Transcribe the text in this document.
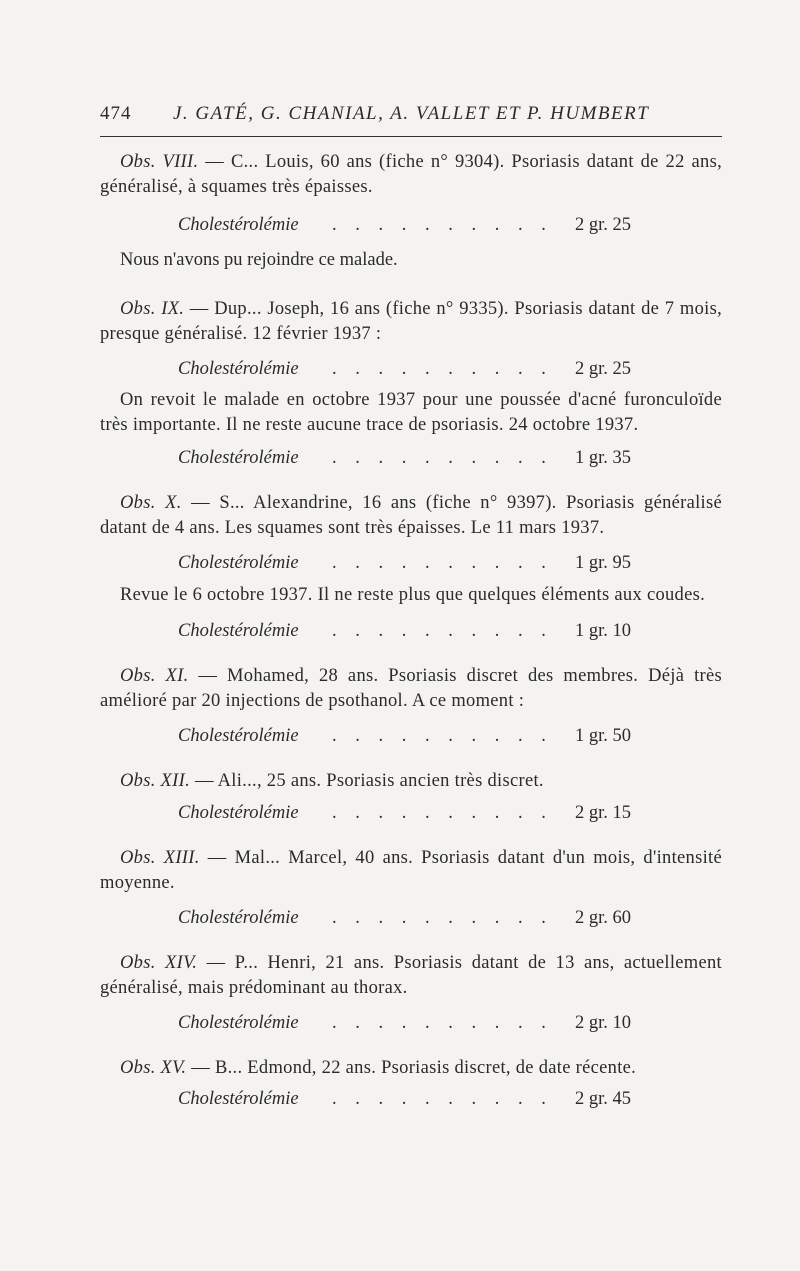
474 J. GATÉ, G. CHANIAL, A. VALLET ET P. HUMBERT

Obs. VIII. — C... Louis, 60 ans (fiche n° 9304). Psoriasis datant de 22 ans, généralisé, à squames très épaisses.

Cholestérolémie . . . . . . . . . . 2 gr. 25

Nous n'avons pu rejoindre ce malade.

Obs. IX. — Dup... Joseph, 16 ans (fiche n° 9335). Psoriasis datant de 7 mois, presque généralisé. 12 février 1937 :

Cholestérolémie . . . . . . . . . . 2 gr. 25

On revoit le malade en octobre 1937 pour une poussée d'acné furonculoïde très importante. Il ne reste aucune trace de psoriasis. 24 octobre 1937.

Cholestérolémie . . . . . . . . . . 1 gr. 35

Obs. X. — S... Alexandrine, 16 ans (fiche n° 9397). Psoriasis généralisé datant de 4 ans. Les squames sont très épaisses. Le 11 mars 1937.

Cholestérolémie . . . . . . . . . . 1 gr. 95

Revue le 6 octobre 1937. Il ne reste plus que quelques éléments aux coudes.

Cholestérolémie . . . . . . . . . . 1 gr. 10

Obs. XI. — Mohamed, 28 ans. Psoriasis discret des membres. Déjà très amélioré par 20 injections de psothanol. A ce moment :

Cholestérolémie . . . . . . . . . . 1 gr. 50

Obs. XII. — Ali..., 25 ans. Psoriasis ancien très discret.

Cholestérolémie . . . . . . . . . . 2 gr. 15

Obs. XIII. — Mal... Marcel, 40 ans. Psoriasis datant d'un mois, d'intensité moyenne.

Cholestérolémie . . . . . . . . . . 2 gr. 60

Obs. XIV. — P... Henri, 21 ans. Psoriasis datant de 13 ans, actuellement généralisé, mais prédominant au thorax.

Cholestérolémie . . . . . . . . . . 2 gr. 10

Obs. XV. — B... Edmond, 22 ans. Psoriasis discret, de date récente.

Cholestérolémie . . . . . . . . . . 2 gr. 45
